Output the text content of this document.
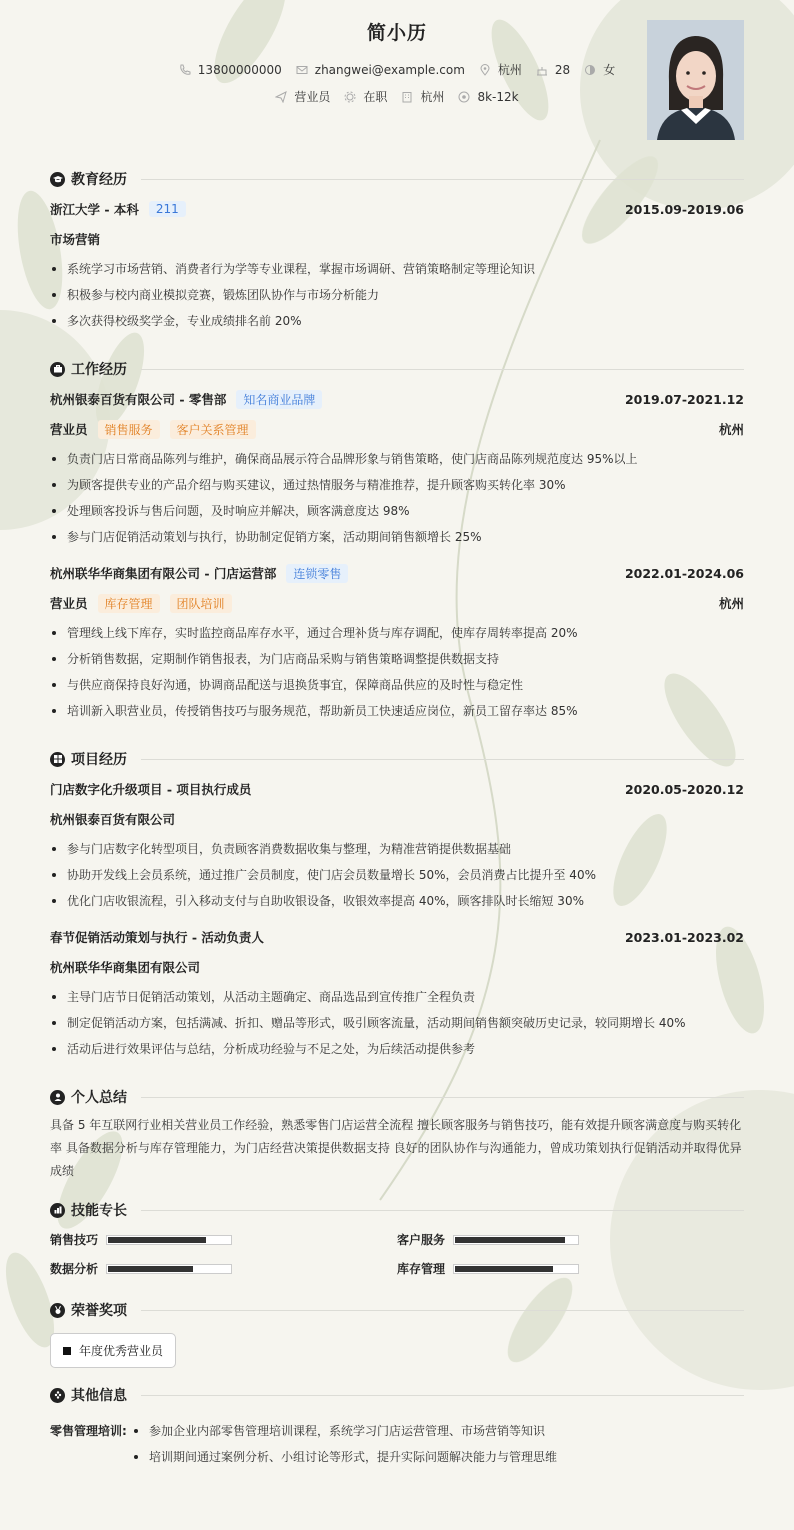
简小历
13800000000	zhangwei@example.com	杭州	28	女
营业员	在职	杭州	8k-12k
教育经历
浙江大学 - 本科	211	2015.09-2019.06
市场营销
系统学习市场营销、消费者行为学等专业课程，掌握市场调研、营销策略制定等理论知识
积极参与校内商业模拟竞赛，锻炼团队协作与市场分析能力
多次获得校级奖学金，专业成绩排名前 20%
工作经历
杭州银泰百货有限公司 - 零售部	知名商业品牌	2019.07-2021.12
营业员	销售服务	客户关系管理	杭州
负责门店日常商品陈列与维护，确保商品展示符合品牌形象与销售策略，使门店商品陈列规范度达 95%以上
为顾客提供专业的产品介绍与购买建议，通过热情服务与精准推荐，提升顾客购买转化率 30%
处理顾客投诉与售后问题，及时响应并解决，顾客满意度达 98%
参与门店促销活动策划与执行，协助制定促销方案，活动期间销售额增长 25%
杭州联华华商集团有限公司 - 门店运营部	连锁零售	2022.01-2024.06
营业员	库存管理	团队培训	杭州
管理线上线下库存，实时监控商品库存水平，通过合理补货与库存调配，使库存周转率提高 20%
分析销售数据，定期制作销售报表，为门店商品采购与销售策略调整提供数据支持
与供应商保持良好沟通，协调商品配送与退换货事宜，保障商品供应的及时性与稳定性
培训新入职营业员，传授销售技巧与服务规范，帮助新员工快速适应岗位，新员工留存率达 85%
项目经历
门店数字化升级项目 - 项目执行成员	2020.05-2020.12
杭州银泰百货有限公司
参与门店数字化转型项目，负责顾客消费数据收集与整理，为精准营销提供数据基础
协助开发线上会员系统，通过推广会员制度，使门店会员数量增长 50%，会员消费占比提升至 40%
优化门店收银流程，引入移动支付与自助收银设备，收银效率提高 40%，顾客排队时长缩短 30%
春节促销活动策划与执行 - 活动负责人	2023.01-2023.02
杭州联华华商集团有限公司
主导门店节日促销活动策划，从活动主题确定、商品选品到宣传推广全程负责
制定促销活动方案，包括满减、折扣、赠品等形式，吸引顾客流量，活动期间销售额突破历史记录，较同期增长 40%
活动后进行效果评估与总结，分析成功经验与不足之处，为后续活动提供参考
个人总结

具备 5 年互联网行业相关营业员工作经验，熟悉零售门店运营全流程 擅长顾客服务与销售技巧，能有效提升顾客满意度与购买转化率 具备数据分析与库存管理能力，为门店经营决策提供数据支持 良好的团队协作与沟通能力，曾成功策划执行促销活动并取得优异成绩

技能专长
销售技巧	客户服务
数据分析	库存管理
荣誉奖项
年度优秀营业员
其他信息
零售管理培训:	参加企业内部零售管理培训课程，系统学习门店运营管理、市场营销等知识
培训期间通过案例分析、小组讨论等形式，提升实际问题解决能力与管理思维
